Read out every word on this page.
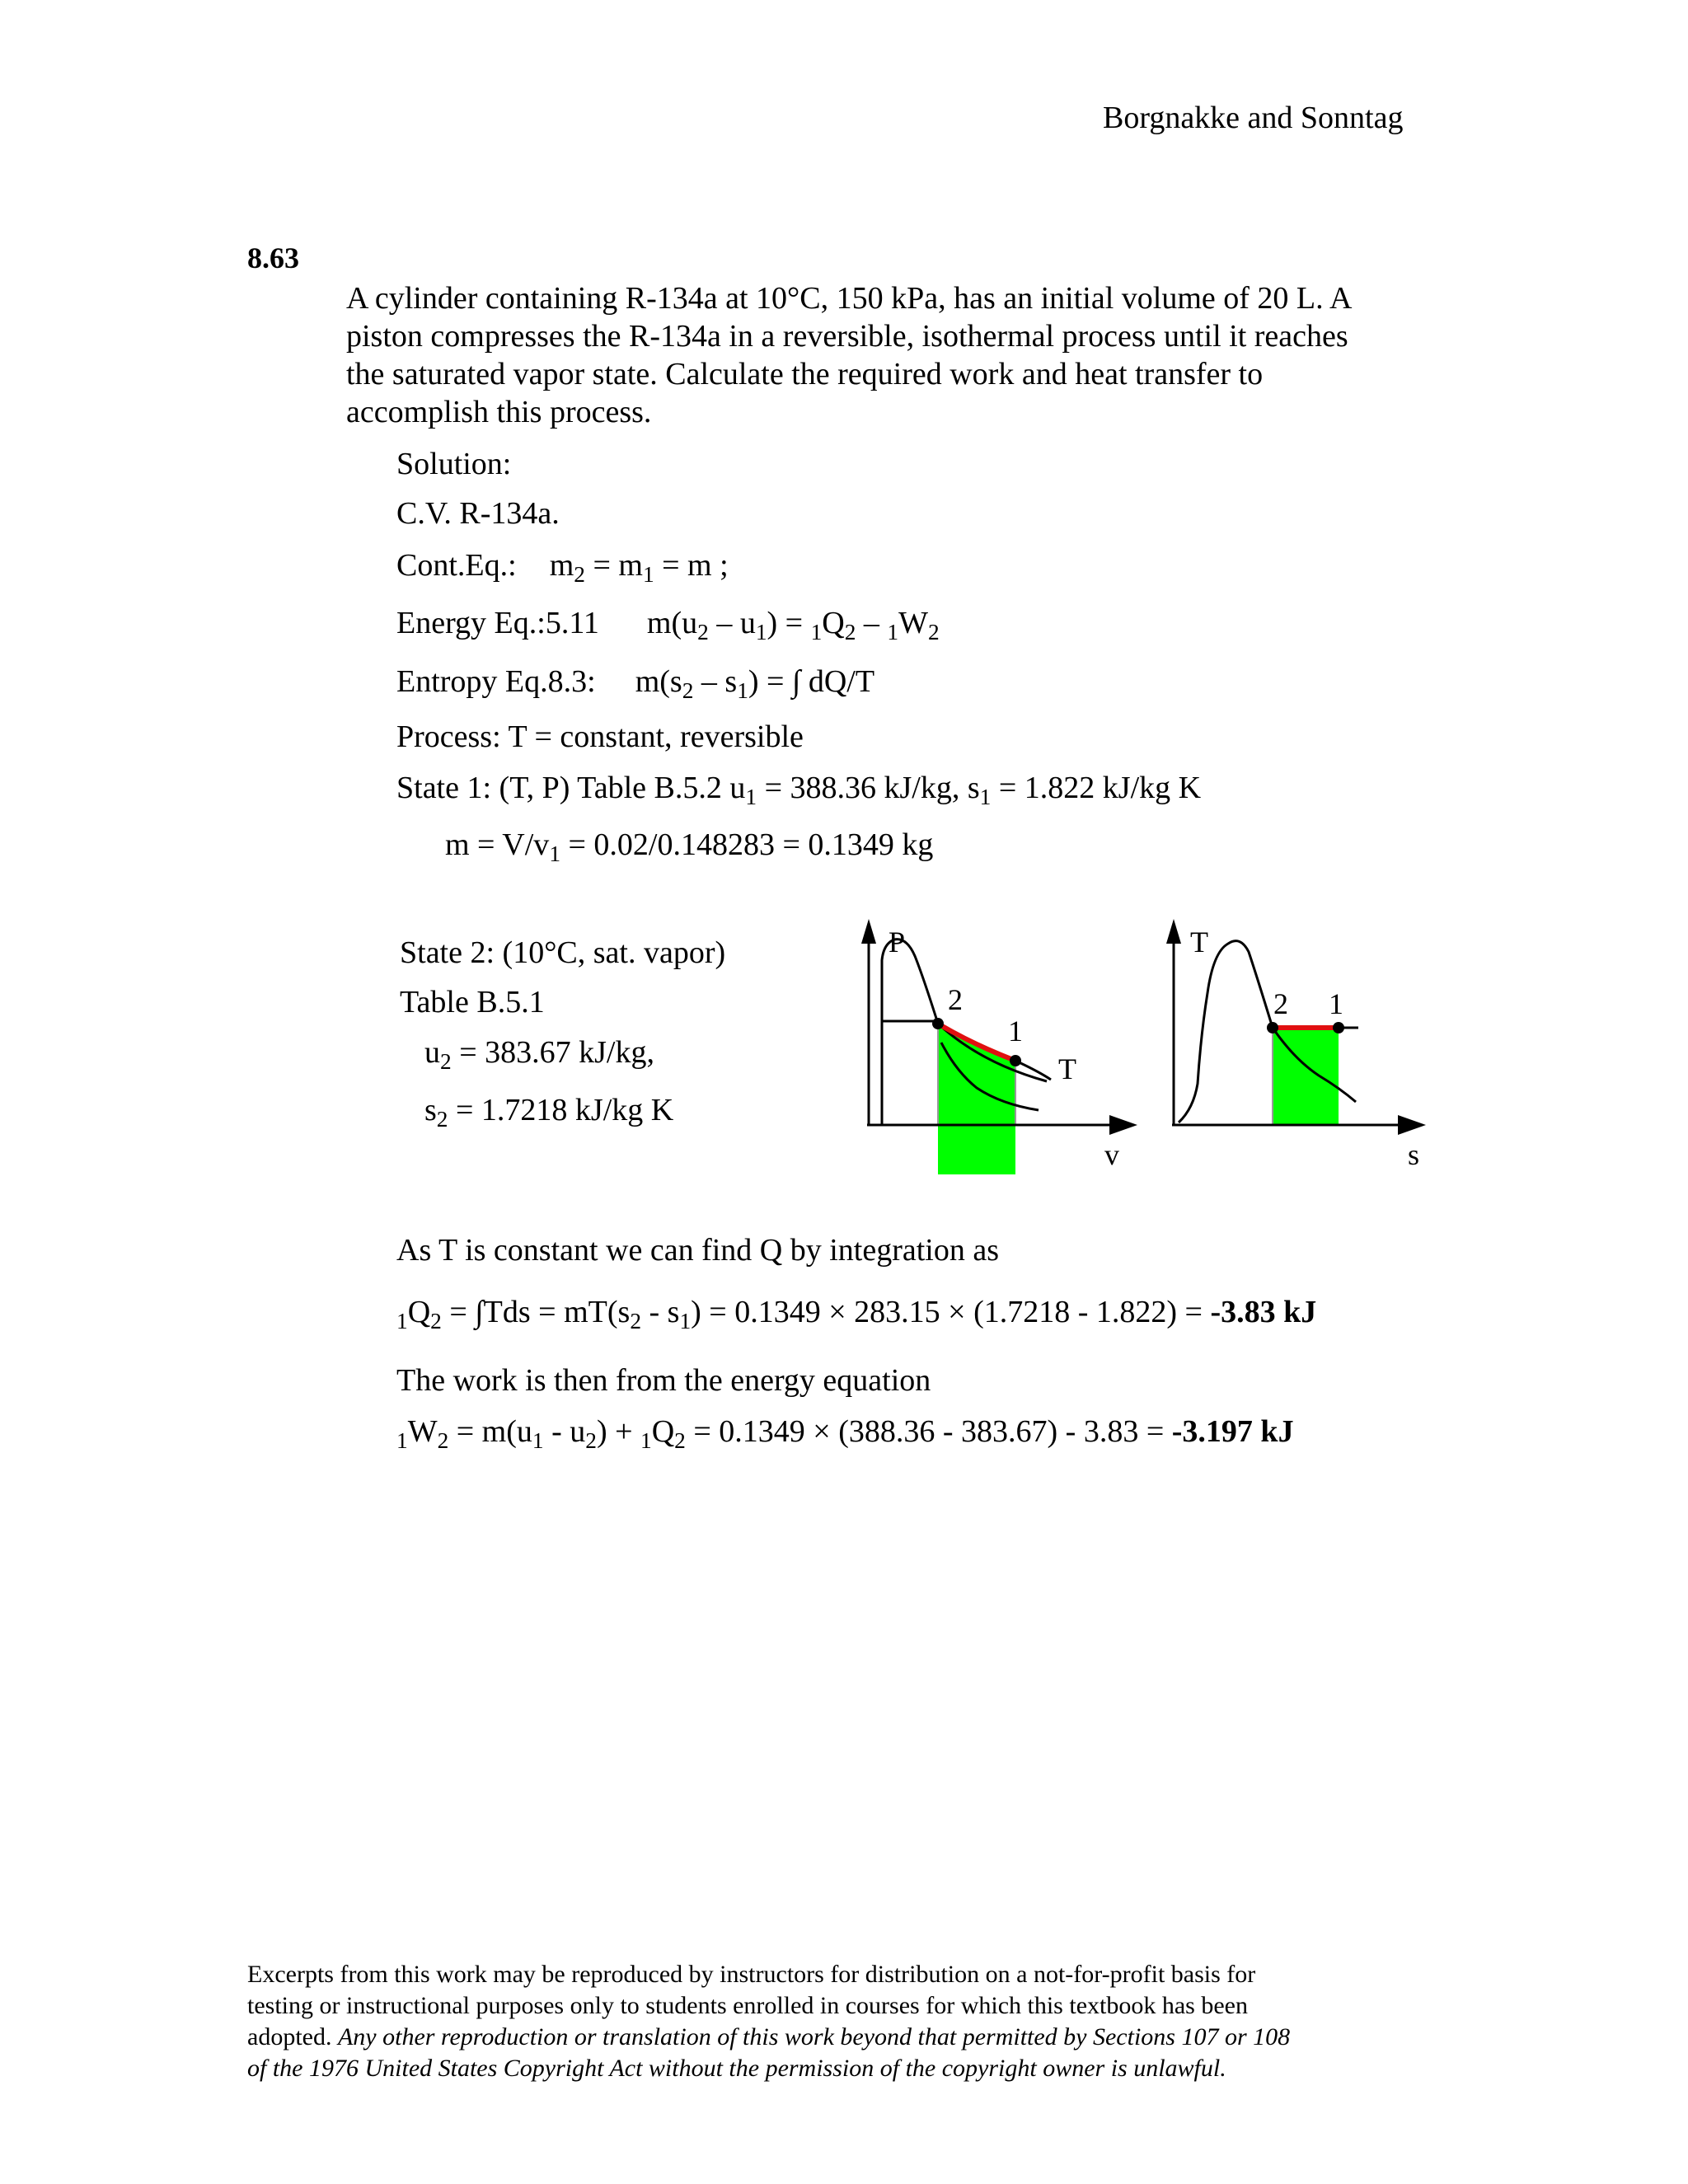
Borgnakke and Sonntag
8.63
A cylinder containing R-134a at 10°C, 150 kPa, has an initial volume of 20 L. A
piston compresses the R-134a in a reversible, isothermal process until it reaches
the saturated vapor state. Calculate the required work and heat transfer to
accomplish this process.
Solution:
C.V. R-134a.
Cont.Eq.: $m_2 = m_1 = m$ ;
Energy Eq.:5.11 $m(u_2 - u_1) = 1Q_2 - 1W_2$
Entropy Eq.8.3: $m(s_2 - s_1)$ = ∫ dQ/T
Process: T = constant, reversible
State 1: (T, P) Table B.5.2 $u_1 = 388.36$ kJ/kg, $s_1 = 1.822$ kJ/kg K
$m = V/v_1 = 0.02/0.148283 = 0.1349$ kg
State 2: (10°C, sat. vapor)
Table B.5.1
$u_2 = 383.67$ kJ/kg,
$s_2 = 1.7218$ kJ/kg K
P
2
1
T
v
T
2 1
s
As T is constant we can find Q by integration as
$1Q_2 = \int Tds = mT(s_2 - s_1) = 0.1349 \times 283.15 \times (1.7218 - 1.822) = -3.83$ kJ
The work is then from the energy equation
$1W_2 = m(u_1 - u_2) + 1Q_2 = 0.1349 \times (388.36 - 383.67) - 3.83 = -3.197$ kJ
Excerpts from this work may be reproduced by instructors for distribution on a not-for-profit basis for
testing or instructional purposes only to students enrolled in courses for which this textbook has been
adopted. Any other reproduction or translation of this work beyond that permitted by Sections 107 or 108
of the 1976 United States Copyright Act without the permission of the copyright owner is unlawful.
